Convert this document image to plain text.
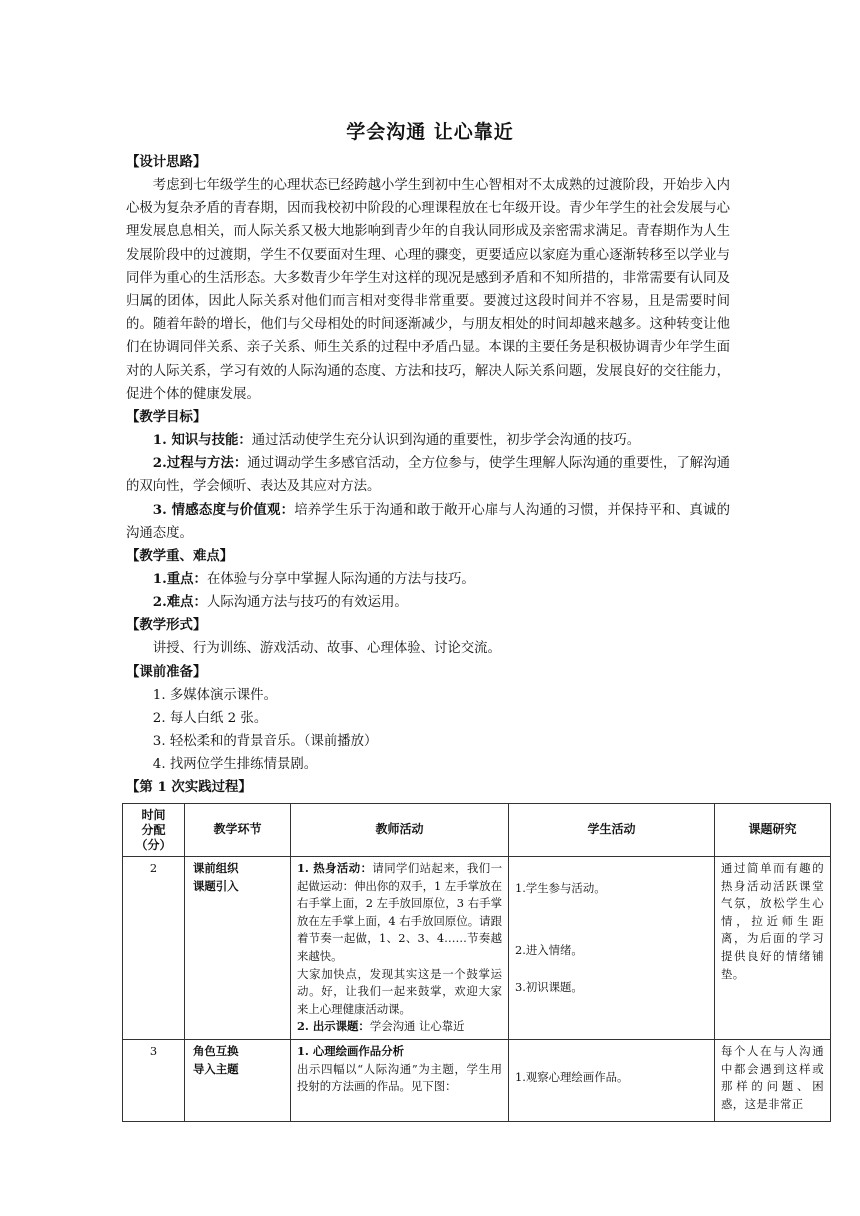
学会沟通 让心靠近

【设计思路】

考虑到七年级学生的心理状态已经跨越小学生到初中生心智相对不太成熟的过渡阶段，开始步入内心极为复杂矛盾的青春期，因而我校初中阶段的心理课程放在七年级开设。青少年学生的社会发展与心理发展息息相关，而人际关系又极大地影响到青少年的自我认同形成及亲密需求满足。青春期作为人生发展阶段中的过渡期，学生不仅要面对生理、心理的骤变，更要适应以家庭为重心逐渐转移至以学业与同伴为重心的生活形态。大多数青少年学生对这样的现况是感到矛盾和不知所措的，非常需要有认同及归属的团体，因此人际关系对他们而言相对变得非常重要。要渡过这段时间并不容易，且是需要时间的。随着年龄的增长，他们与父母相处的时间逐渐减少，与朋友相处的时间却越来越多。这种转变让他们在协调同伴关系、亲子关系、师生关系的过程中矛盾凸显。本课的主要任务是积极协调青少年学生面对的人际关系，学习有效的人际沟通的态度、方法和技巧，解决人际关系问题，发展良好的交往能力，促进个体的健康发展。

【教学目标】

1. 知识与技能：通过活动使学生充分认识到沟通的重要性，初步学会沟通的技巧。

2.过程与方法：通过调动学生多感官活动，全方位参与，使学生理解人际沟通的重要性，了解沟通的双向性，学会倾听、表达及其应对方法。

3. 情感态度与价值观：培养学生乐于沟通和敢于敞开心扉与人沟通的习惯，并保持平和、真诚的沟通态度。

【教学重、难点】

1.重点：在体验与分享中掌握人际沟通的方法与技巧。

2.难点：人际沟通方法与技巧的有效运用。

【教学形式】

讲授、行为训练、游戏活动、故事、心理体验、讨论交流。

【课前准备】

1. 多媒体演示课件。

2. 每人白纸 2 张。

3. 轻松柔和的背景音乐。（课前播放）

4. 找两位学生排练情景剧。

【第 1 次实践过程】

时间
分配
（分）	教学环节	教师活动	学生活动	课题研究
2	课前组织
课题引入	1. 热身活动：请同学们站起来，我们一起做运动：伸出你的双手，1 左手掌放在右手掌上面，2 左手放回原位，3 右手掌放在左手掌上面，4 右手放回原位。请跟着节奏一起做，1、2、3、4……节奏越来越快。
大家加快点，发现其实这是一个鼓掌运动。好，让我们一起来鼓掌，欢迎大家来上心理健康活动课。
2. 出示课题：学会沟通 让心靠近	1.学生参与活动。
2.进入情绪。
3.初识课题。	通过简单而有趣的热身活动活跃课堂气氛，放松学生心情，拉近师生距离，为后面的学习提供良好的情绪铺垫。
3	角色互换
导入主题	1. 心理绘画作品分析
出示四幅以“人际沟通”为主题，学生用投射的方法画的作品。见下图：	1.观察心理绘画作品。	每个人在与人沟通中都会遇到这样或那样的问题、困惑，这是非常正
